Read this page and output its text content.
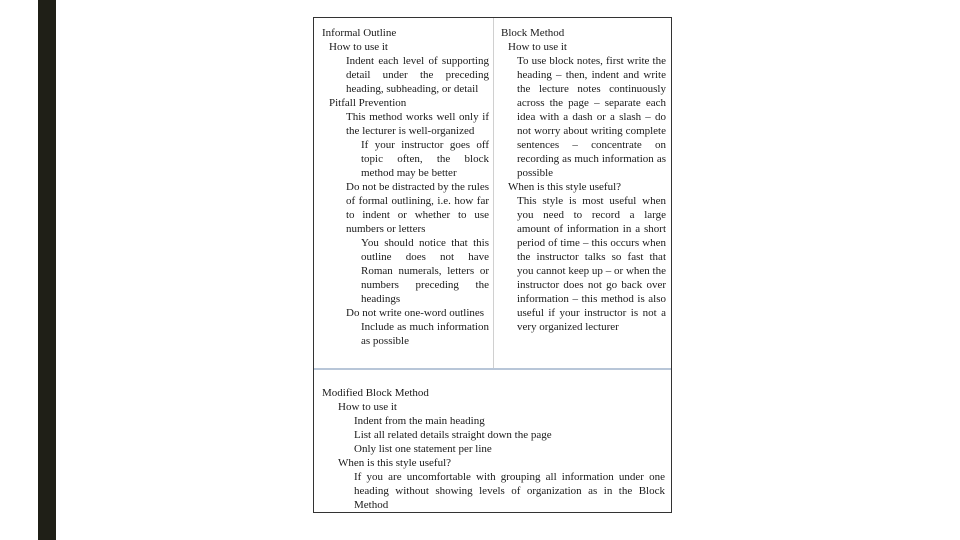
Informal Outline
How to use it
Indent each level of supporting detail under the preceding heading, subheading, or detail
Pitfall Prevention
This method works well only if the lecturer is well-organized
If your instructor goes off topic often, the block method may be better
Do not be distracted by the rules of formal outlining, i.e. how far to indent or whether to use numbers or letters
You should notice that this outline does not have Roman numerals, letters or numbers preceding the headings
Do not write one-word outlines
Include as much information as possible
Block Method
How to use it
To use block notes, first write the heading – then, indent and write the lecture notes continuously across the page – separate each idea with a dash or a slash – do not worry about writing complete sentences – concentrate on recording as much information as possible
When is this style useful?
This style is most useful when you need to record a large amount of information in a short period of time – this occurs when the instructor talks so fast that you cannot keep up – or when the instructor does not go back over information – this method is also useful if your instructor is not a very organized lecturer
Modified Block Method
How to use it
Indent from the main heading
List all related details straight down the page
Only list one statement per line
When is this style useful?
If you are uncomfortable with grouping all information under one heading without showing levels of organization as in the Block Method
